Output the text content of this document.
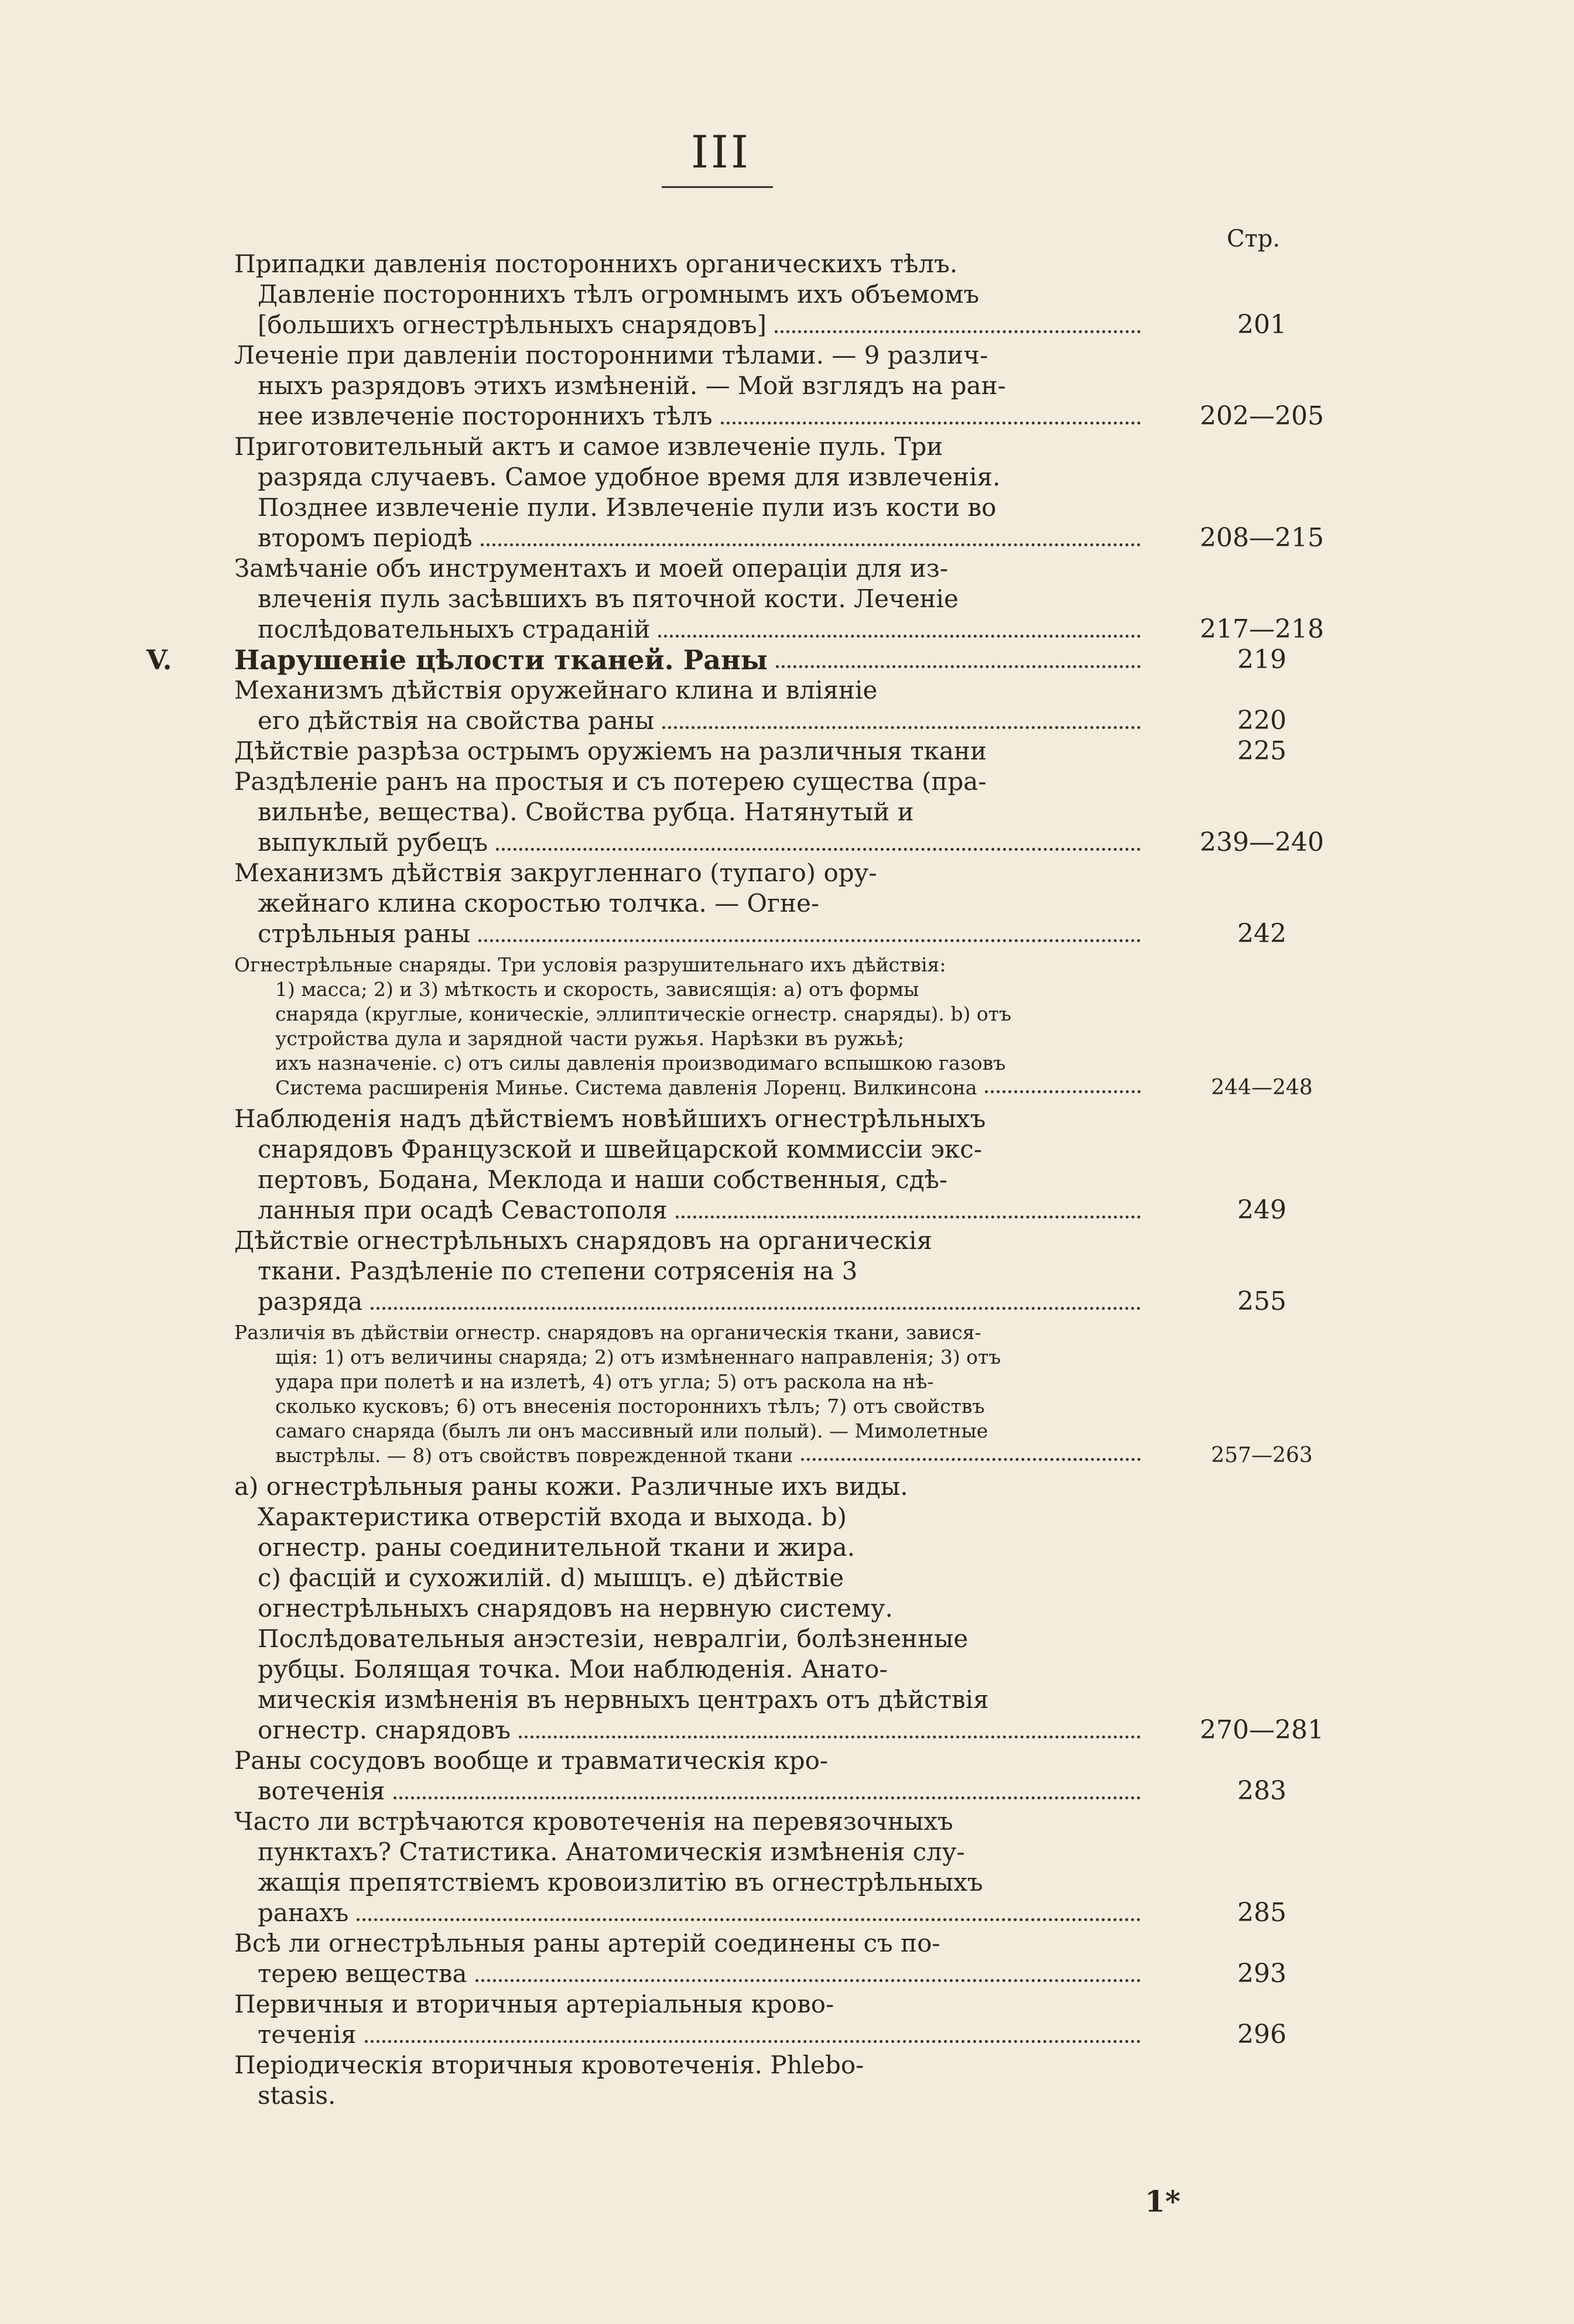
III
Стр.
Припадки давленія постороннихъ органическихъ тѣлъ.
Давленіе постороннихъ тѣлъ огромнымъ ихъ объемомъ
[большихъ огнестрѣльныхъ снарядовъ]	201
Леченіе при давленіи посторонними тѣлами. — 9 различ-
ныхъ разрядовъ этихъ измѣненій. — Мой взглядъ на ран-
нее извлеченіе постороннихъ тѣлъ	202—205
Приготовительный актъ и самое извлеченіе пуль. Три
разряда случаевъ. Самое удобное время для извлеченія.
Позднее извлеченіе пули. Извлеченіе пули изъ кости во
второмъ періодѣ	208—215
Замѣчаніе объ инструментахъ и моей операціи для из-
влеченія пуль засѣвшихъ въ пяточной кости. Леченіе
послѣдовательныхъ страданій	217—218
V. Нарушеніе цѣлости тканей. Раны	219
Механизмъ дѣйствія оружейнаго клина и вліяніе
его дѣйствія на свойства раны	220
Дѣйствіе разрѣза острымъ оружіемъ на различныя ткани	225
Раздѣленіе ранъ на простыя и съ потерею существа (пра-
вильнѣе, вещества). Свойства рубца. Натянутый и
выпуклый рубецъ	239—240
Механизмъ дѣйствія закругленнаго (тупаго) ору-
жейнаго клина скоростью толчка. — Огне-
стрѣльныя раны	242
Огнестрѣльные снаряды. Три условія разрушительнаго ихъ дѣйствія:
1) масса; 2) и 3) мѣткость и скорость, зависящія: a) отъ формы
снаряда (круглые, коническіе, эллиптическіе огнестр. снаряды). b) отъ
устройства дула и зарядной части ружья. Нарѣзки въ ружьѣ;
ихъ назначеніе. c) отъ силы давленія производимаго вспышкою газовъ
Система расширенія Минье. Система давленія Лоренц. Вилкинсона	244—248
Наблюденія надъ дѣйствіемъ новѣйшихъ огнестрѣльныхъ
снарядовъ Французской и швейцарской коммиссіи экс-
пертовъ, Бодана, Меклода и наши собственныя, сдѣ-
ланныя при осадѣ Севастополя	249
Дѣйствіе огнестрѣльныхъ снарядовъ на органическія
ткани. Раздѣленіе по степени сотрясенія на 3
разряда	255
Различія въ дѣйствіи огнестр. снарядовъ на органическія ткани, завися-
щія: 1) отъ величины снаряда; 2) отъ измѣненнаго направленія; 3) отъ
удара при полетѣ и на излетѣ, 4) отъ угла; 5) отъ раскола на нѣ-
сколько кусковъ; 6) отъ внесенія постороннихъ тѣлъ; 7) отъ свойствъ
самаго снаряда (былъ ли онъ массивный или полый). — Мимолетные
выстрѣлы. — 8) отъ свойствъ поврежденной ткани	257—263
a) огнестрѣльныя раны кожи. Различные ихъ виды.
Характеристика отверстій входа и выхода. b)
огнестр. раны соединительной ткани и жира.
c) фасцій и сухожилій. d) мышцъ. e) дѣйствіе
огнестрѣльныхъ снарядовъ на нервную систему.
Послѣдовательныя анэстезіи, невралгіи, болѣзненные
рубцы. Болящая точка. Мои наблюденія. Анато-
мическія измѣненія въ нервныхъ центрахъ отъ дѣйствія
огнестр. снарядовъ	270—281
Раны сосудовъ вообще и травматическія кро-
вотеченія	283
Часто ли встрѣчаются кровотеченія на перевязочныхъ
пунктахъ? Статистика. Анатомическія измѣненія слу-
жащія препятствіемъ кровоизлитію въ огнестрѣльныхъ
ранахъ	285
Всѣ ли огнестрѣльныя раны артерій соединены съ по-
терею вещества	293
Первичныя и вторичныя артеріальныя крово-
теченія	296
Періодическія вторичныя кровотеченія. Phlebo-
stasis.
1*
